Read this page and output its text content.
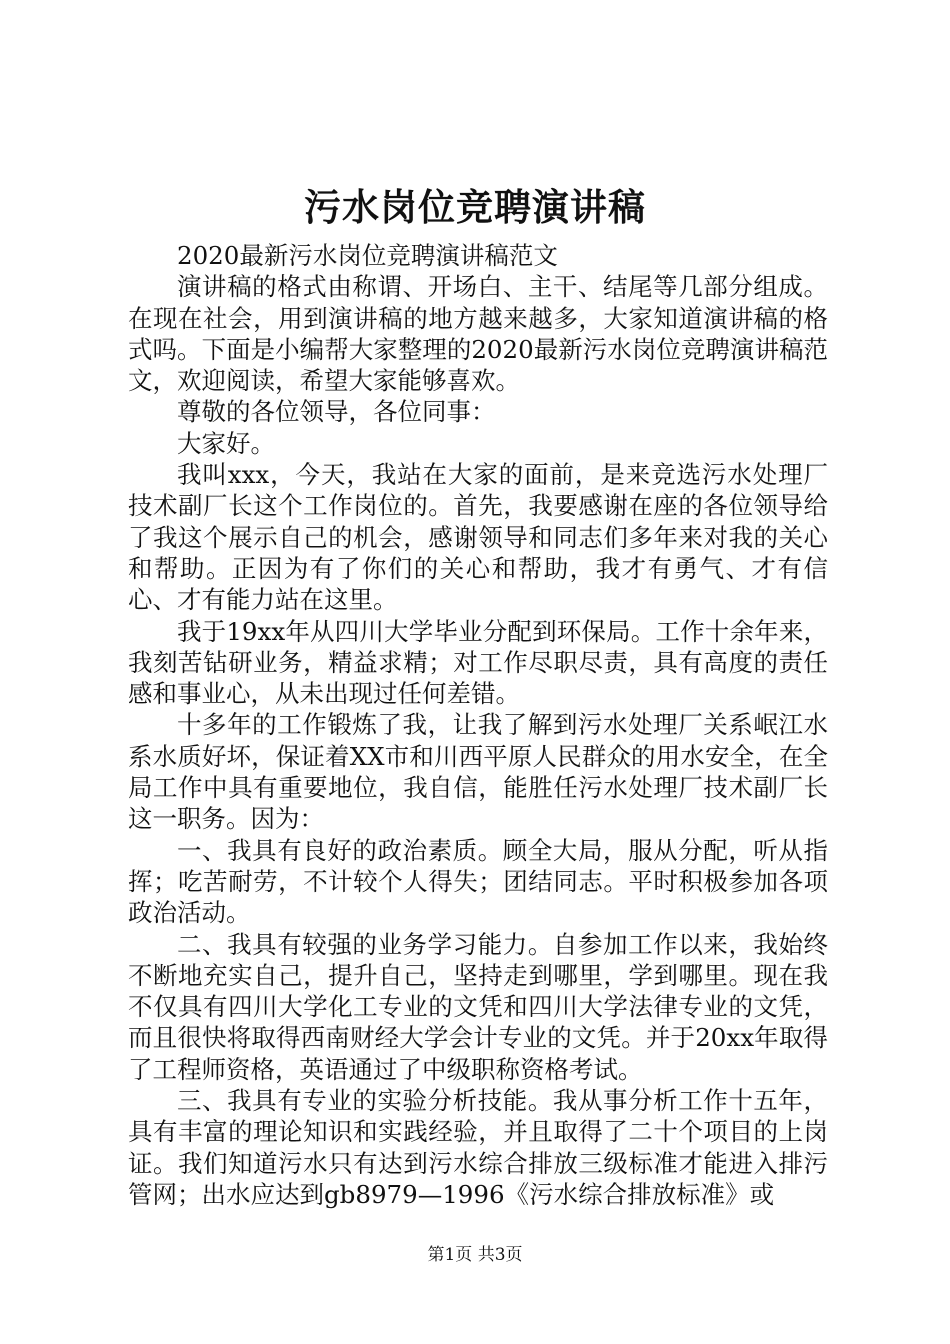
污水岗位竞聘演讲稿

2020最新污水岗位竞聘演讲稿范文

演讲稿的格式由称谓、开场白、主干、结尾等几部分组成。在现在社会，用到演讲稿的地方越来越多，大家知道演讲稿的格式吗。下面是小编帮大家整理的2020最新污水岗位竞聘演讲稿范文，欢迎阅读，希望大家能够喜欢。

尊敬的各位领导，各位同事：

大家好。

我叫xxx，今天，我站在大家的面前，是来竞选污水处理厂技术副厂长这个工作岗位的。首先，我要感谢在座的各位领导给了我这个展示自己的机会，感谢领导和同志们多年来对我的关心和帮助。正因为有了你们的关心和帮助，我才有勇气、才有信心、才有能力站在这里。

我于19xx年从四川大学毕业分配到环保局。工作十余年来，我刻苦钻研业务，精益求精；对工作尽职尽责，具有高度的责任感和事业心，从未出现过任何差错。

十多年的工作锻炼了我，让我了解到污水处理厂关系岷江水系水质好坏，保证着XX市和川西平原人民群众的用水安全，在全局工作中具有重要地位，我自信，能胜任污水处理厂技术副厂长这一职务。因为：

一、我具有良好的政治素质。顾全大局，服从分配，听从指挥；吃苦耐劳，不计较个人得失；团结同志。平时积极参加各项政治活动。

二、我具有较强的业务学习能力。自参加工作以来，我始终不断地充实自己，提升自己，坚持走到哪里，学到哪里。现在我不仅具有四川大学化工专业的文凭和四川大学法律专业的文凭，而且很快将取得西南财经大学会计专业的文凭。并于20xx年取得了工程师资格，英语通过了中级职称资格考试。

三、我具有专业的实验分析技能。我从事分析工作十五年，具有丰富的理论知识和实践经验，并且取得了二十个项目的上岗证。我们知道污水只有达到污水综合排放三级标准才能进入排污管网；出水应达到gb8979—1996《污水综合排放标准》或

第1页 共3页
